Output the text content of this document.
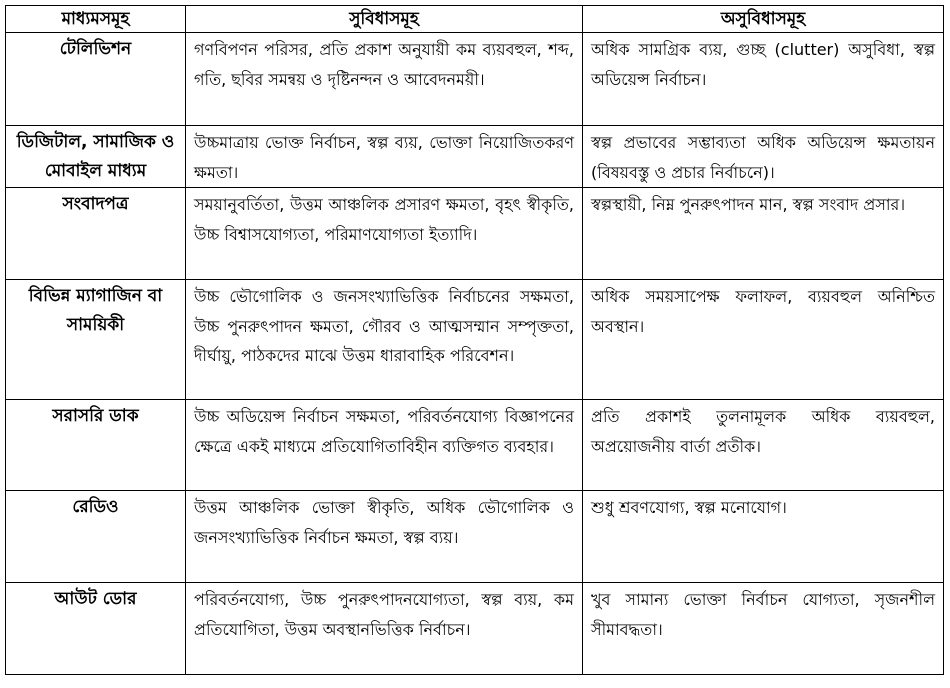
মাধ্যমসমূহ	সুবিধাসমূহ	অসুবিধাসমূহ
টেলিভিশন	গণবিপণন পরিসর, প্রতি প্রকাশ অনুযায়ী কম ব্যয়বহুল, শব্দ, গতি, ছবির সমন্বয় ও দৃষ্টিনন্দন ও আবেদনময়ী।	অধিক সামগ্রিক ব্যয়, গুচ্ছ (clutter) অসুবিধা, স্বল্প অডিয়েন্স নির্বাচন।
ডিজিটাল, সামাজিক ও মোবাইল মাধ্যম	উচ্চমাত্রায় ভোক্ত নির্বাচন, স্বল্প ব্যয়, ভোক্তা নিয়োজিতকরণ ক্ষমতা।	স্বল্প প্রভাবের সম্ভাব্যতা অধিক অডিয়েন্স ক্ষমতায়ন (বিষয়বস্তু ও প্রচার নির্বাচনে)।
সংবাদপত্র	সময়ানুবর্তিতা, উত্তম আঞ্চলিক প্রসারণ ক্ষমতা, বৃহৎ স্বীকৃতি, উচ্চ বিশ্বাসযোগ্যতা, পরিমাণযোগ্যতা ইত্যাদি।	স্বল্পস্থায়ী, নিম্ন পুনরুৎপাদন মান, স্বল্প সংবাদ প্রসার।
বিভিন্ন ম্যাগাজিন বা সাময়িকী	উচ্চ ভৌগোলিক ও জনসংখ্যাভিত্তিক নির্বাচনের সক্ষমতা, উচ্চ পুনরুৎপাদন ক্ষমতা, গৌরব ও আত্মসম্মান সম্পৃক্ততা, দীর্ঘায়ু, পাঠকদের মাঝে উত্তম ধারাবাহিক পরিবেশন।	অধিক সময়সাপেক্ষ ফলাফল, ব্যয়বহুল অনিশ্চিত অবস্থান।
সরাসরি ডাক	উচ্চ অডিয়েন্স নির্বাচন সক্ষমতা, পরিবর্তনযোগ্য বিজ্ঞাপনের ক্ষেত্রে একই মাধ্যমে প্রতিযোগিতাবিহীন ব্যক্তিগত ব্যবহার।	প্রতি প্রকাশই তুলনামূলক অধিক ব্যয়বহুল, অপ্রয়োজনীয় বার্তা প্রতীক।
রেডিও	উত্তম আঞ্চলিক ভোক্তা স্বীকৃতি, অধিক ভৌগোলিক ও জনসংখ্যাভিত্তিক নির্বাচন ক্ষমতা, স্বল্প ব্যয়।	শুধু শ্রবণযোগ্য, স্বল্প মনোযোগ।
আউট ডোর	পরিবর্তনযোগ্য, উচ্চ পুনরুৎপাদনযোগ্যতা, স্বল্প ব্যয়, কম প্রতিযোগিতা, উত্তম অবস্থানভিত্তিক নির্বাচন।	খুব সামান্য ভোক্তা নির্বাচন যোগ্যতা, সৃজনশীল সীমাবদ্ধতা।
